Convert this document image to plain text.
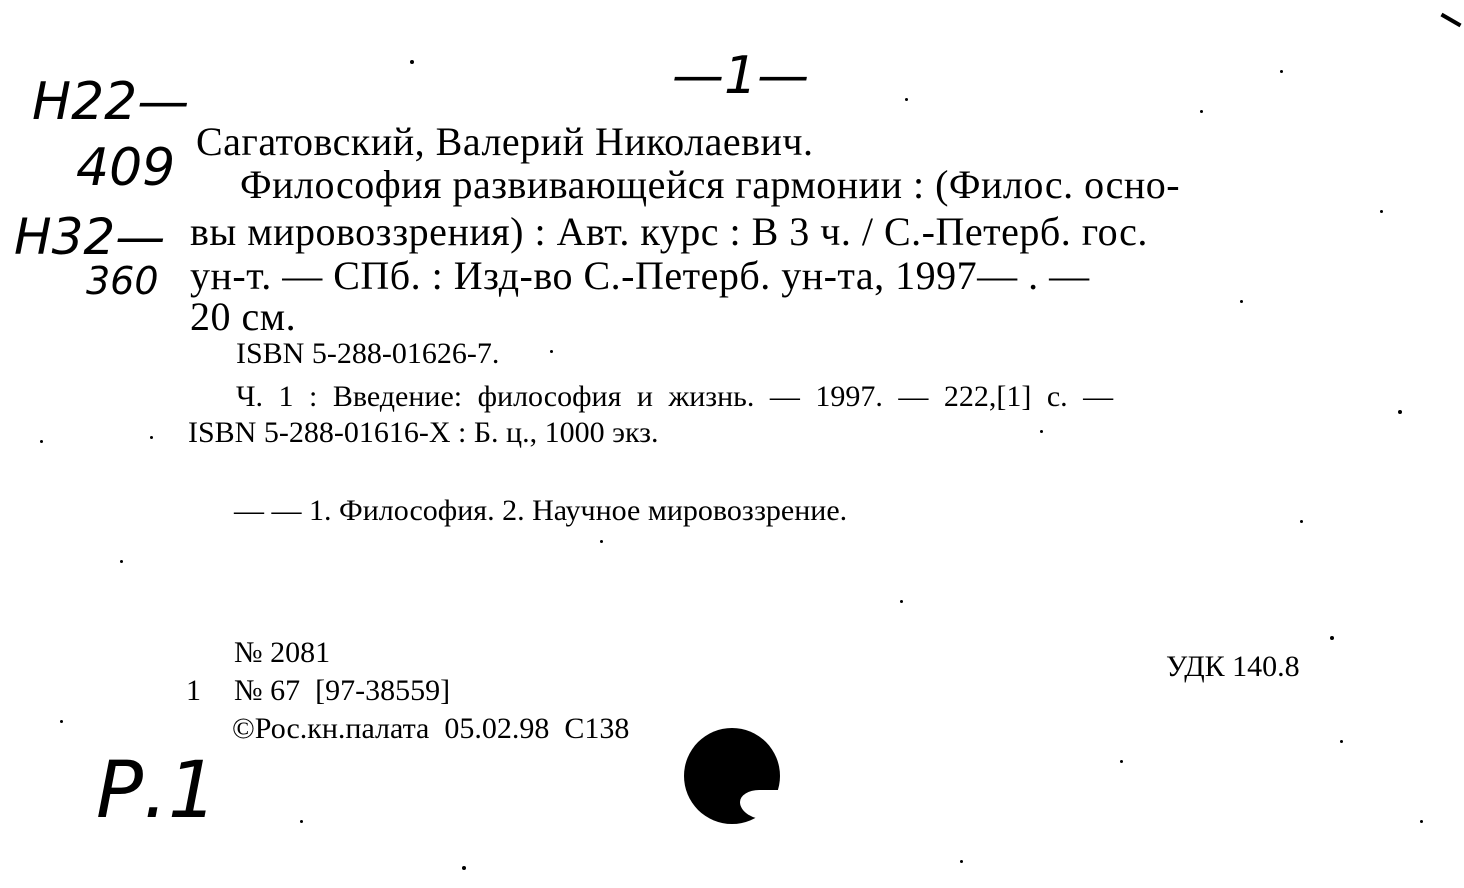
—1—
Н22—
409
Н32—
360
Сагатовский, Валерий Николаевич.
Философия развивающейся гармонии : (Филос. осно-
вы мировоззрения) : Авт. курс : В 3 ч. / С.-Петерб. гос.
ун-т. — СПб. : Изд-во С.-Петерб. ун-та, 1997— . —
20 см.
ISBN 5-288-01626-7.
Ч. 1 : Введение: философия и жизнь. — 1997. — 222,[1] с. —
ISBN 5-288-01616-X : Б. ц., 1000 экз.
— — 1. Философия. 2. Научное мировоззрение.
№ 2081
1 № 67  [97-38559]
©Рос.кн.палата  05.02.98  С138
УДК 140.8
Р.1
